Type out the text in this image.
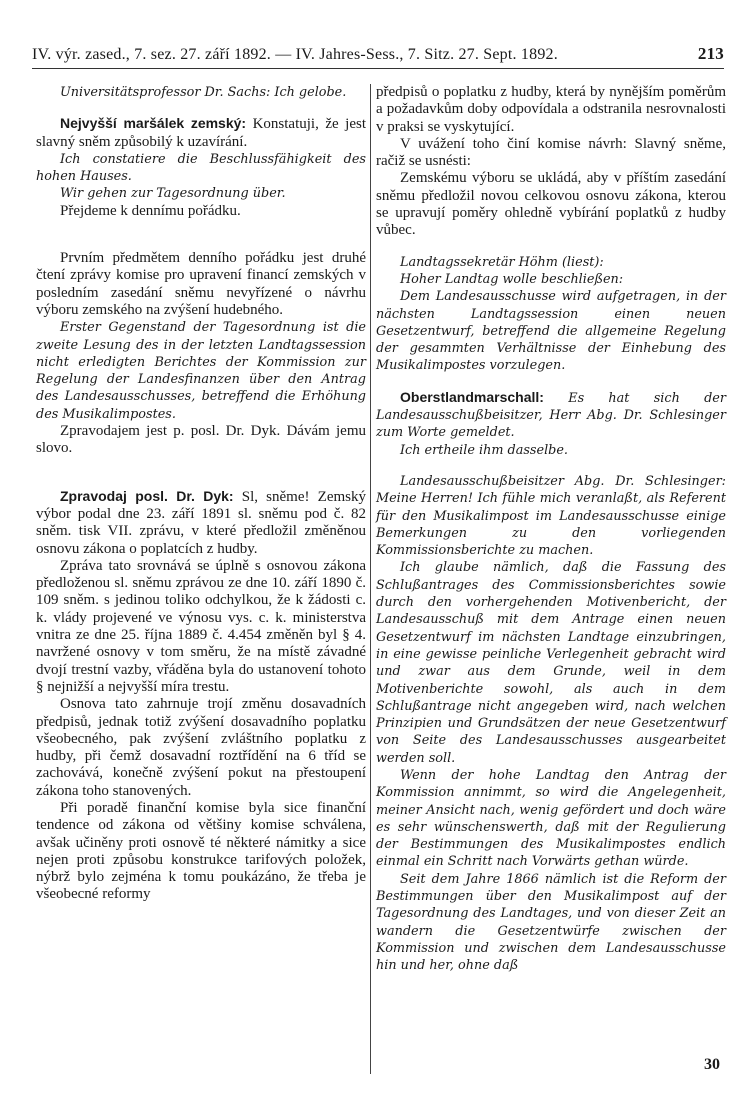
IV. výr. zased., 7. sez. 27. září 1892. — IV. Jahres-Sess., 7. Sitz. 27. Sept. 1892.	213

Universitätsprofessor Dr. Sachs: Ich gelobe.

Nejvyšší maršálek zemský: Konstatuji, že jest slavný sněm způsobilý k uzavírání.

Ich constatiere die Beschlussfähigkeit des hohen Hauses.

Wir gehen zur Tagesordnung über.

Přejdeme k dennímu pořádku.

Prvním předmětem denního pořádku jest druhé čtení zprávy komise pro upravení financí zemských v posledním zasedání sněmu nevyřízené o návrhu výboru zemského na zvýšení hudebného.

Erster Gegenstand der Tagesordnung ist die zweite Lesung des in der letzten Landtagssession nicht erledigten Berichtes der Kommission zur Regelung der Landesfinanzen über den Antrag des Landesausschusses, betreffend die Erhöhung des Musikalimpostes.

Zpravodajem jest p. posl. Dr. Dyk. Dávám jemu slovo.

Zpravodaj posl. Dr. Dyk: Sl, sněme! Zemský výbor podal dne 23. září 1891 sl. sněmu pod č. 82 sněm. tisk VII. zprávu, v které předložil změněnou osnovu zákona o poplatcích z hudby.

Zpráva tato srovnává se úplně s osnovou zákona předloženou sl. sněmu zprávou ze dne 10. září 1890 č. 109 sněm. s jedinou toliko odchylkou, že k žádosti c. k. vlády projevené ve výnosu vys. c. k. ministerstva vnitra ze dne 25. října 1889 č. 4.454 změněn byl § 4. navržené osnovy v tom směru, že na místě závadné dvojí trestní vazby, vřáděna byla do ustanovení tohoto § nejnižší a nejvyšší míra trestu.

Osnova tato zahrnuje trojí změnu dosavadních předpisů, jednak totiž zvýšení dosavadního poplatku všeobecného, pak zvýšení zvláštního poplatku z hudby, při čemž dosavadní roztřídění na 6 tříd se zachovává, konečně zvýšení pokut na přestoupení zákona toho stanovených.

Při poradě finanční komise byla sice finanční tendence od zákona od většiny komise schválena, avšak učiněny proti osnově té některé námitky a sice nejen proti způsobu konstrukce tarifových položek, nýbrž bylo zejména k tomu poukázáno, že třeba je všeobecné reformy

předpisů o poplatku z hudby, která by nynějším poměrům a požadavkům doby odpovídala a odstranila nesrovnalosti v praksi se vyskytující.

V uvážení toho činí komise návrh: Slavný sněme, račiž se usnésti:

Zemskému výboru se ukládá, aby v příštím zasedání sněmu předložil novou celkovou osnovu zákona, kterou se upravují poměry ohledně vybírání poplatků z hudby vůbec.

Landtagssekretär Höhm (liest):

Hoher Landtag wolle beschließen:

Dem Landesausschusse wird aufgetragen, in der nächsten Landtagssession einen neuen Gesetzentwurf, betreffend die allgemeine Regelung der gesammten Verhältnisse der Einhebung des Musikalimpostes vorzulegen.

Oberstlandmarschall: Es hat sich der Landesausschußbeisitzer, Herr Abg. Dr. Schlesinger zum Worte gemeldet.

Ich ertheile ihm dasselbe.

Landesausschußbeisitzer Abg. Dr. Schlesinger: Meine Herren! Ich fühle mich veranlaßt, als Referent für den Musikalimpost im Landesausschusse einige Bemerkungen zu den vorliegenden Kommissionsberichte zu machen.

Ich glaube nämlich, daß die Fassung des Schlußantrages des Commissionsberichtes sowie durch den vorhergehenden Motivenbericht, der Landesausschuß mit dem Antrage einen neuen Gesetzentwurf im nächsten Landtage einzubringen, in eine gewisse peinliche Verlegenheit gebracht wird und zwar aus dem Grunde, weil in dem Motivenberichte sowohl, als auch in dem Schlußantrage nicht angegeben wird, nach welchen Prinzipien und Grundsätzen der neue Gesetzentwurf von Seite des Landesausschusses ausgearbeitet werden soll.

Wenn der hohe Landtag den Antrag der Kommission annimmt, so wird die Angelegenheit, meiner Ansicht nach, wenig gefördert und doch wäre es sehr wünschenswerth, daß mit der Regulierung der Bestimmungen des Musikalimpostes endlich einmal ein Schritt nach Vorwärts gethan würde.

Seit dem Jahre 1866 nämlich ist die Reform der Bestimmungen über den Musikalimpost auf der Tagesordnung des Landtages, und von dieser Zeit an wandern die Gesetzentwürfe zwischen der Kommission und zwischen dem Landesausschusse hin und her, ohne daß

30
